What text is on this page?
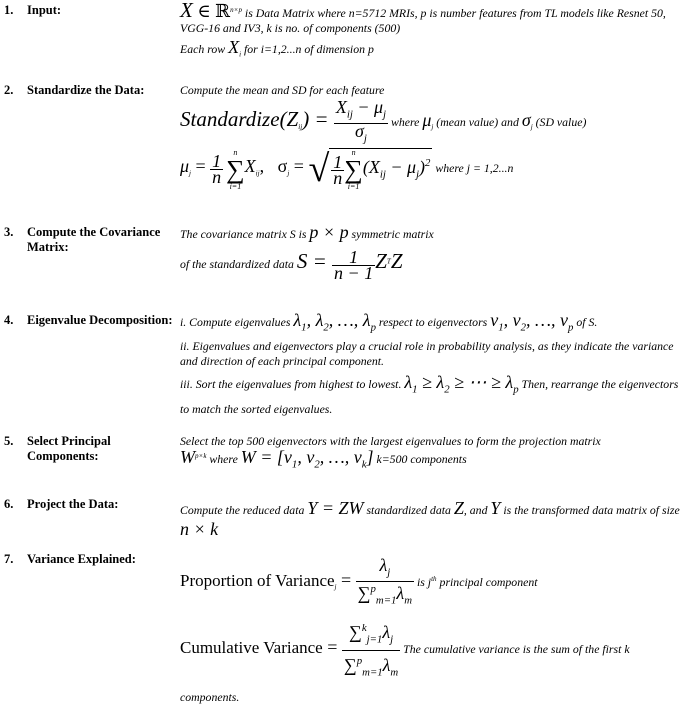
1. Input:	X ∈ ℝ$^{n\times p}$ is Data Matrix where n=5712 MRIs, p is number features from TL models like Resnet 50, VGG-16 and IV3, k is no. of components (500)
Each row $X_i$ for i=1,2...n of dimension p
2. Standardize the Data:	Compute the mean and SD for each feature
$Standardize(Z_{ij}) = \frac{X_{ij} - \mu_j}{\sigma_j}$ where $\mu_j$ (mean value) and $\sigma_j$ (SD value)
$\mu_j = \frac{1}{n}$

n
∑
i=1
$X_{ij}$,   $\sigma_j$ = √ $\frac{1}{n}$
n
∑
i=1
$(X_{ij} - \mu_j)^2$ where j = 1,2...n
3. Compute the Covariance Matrix:
The covariance matrix S is p × p symmetric matrix
of the standardized data $S = \frac{1}{n - 1} Z^TZ$
4. Eigenvalue Decomposition: i. Compute eigenvalues $\lambda_1$, $\lambda_2$, …, $\lambda_p$ respect to eigenvectors $v_1$, $v_2$, …, $v_p$ of S.
ii. Eigenvalues and eigenvectors play a crucial role in probability analysis, as they indicate the variance and direction of each principal component.
iii. Sort the eigenvalues from highest to lowest. $\lambda_1 \ge \lambda_2$ ≥ ⋯ ≥ $\lambda_p$ Then, rearrange the eigenvectors to match the sorted eigenvalues.
5. Select Principal Components:
Select the top 500 eigenvectors with the largest eigenvalues to form the projection matrix
$W^{p\times k}$ where $W = [v_1$, $v_2$, …, $v_k$] k=500 components
6. Project the Data:	Compute the reduced data Y = ZW standardized data Z, and Y is the transformed data matrix of size n × k
7. Variance Explained:
Proportion of Variance$_j$ = $\frac{\lambda_j}{\sum^p_{m=1}\lambda_m}$ is $j^{th}$ principal component
Cumulative Variance = $\frac{\sum^k_{j=1}\lambda_j}{\sum^p_{m=1}\lambda_m}$ The cumulative variance is the sum of the first k components.
